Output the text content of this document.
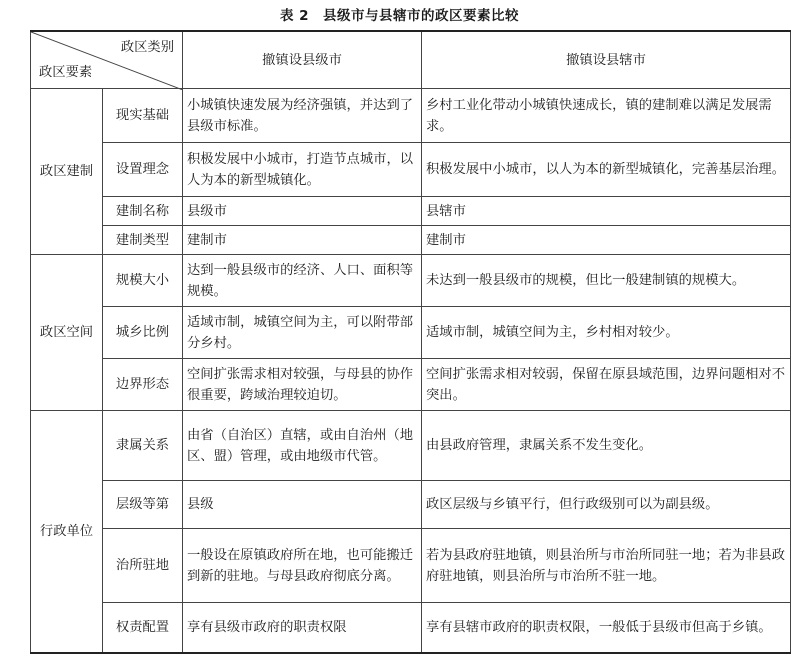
表 2　县级市与县辖市的政区要素比较
政区类别
政区要素		撤镇设县级市	撤镇设县辖市
政区建制	现实基础	小城镇快速发展为经济强镇，并达到了县级市标准。	乡村工业化带动小城镇快速成长，镇的建制难以满足发展需求。
	设置理念	积极发展中小城市，打造节点城市，以人为本的新型城镇化。	积极发展中小城市，以人为本的新型城镇化，完善基层治理。
	建制名称	县级市	县辖市
	建制类型	建制市	建制市
政区空间	规模大小	达到一般县级市的经济、人口、面积等规模。	未达到一般县级市的规模，但比一般建制镇的规模大。
	城乡比例	适域市制，城镇空间为主，可以附带部分乡村。	适域市制，城镇空间为主，乡村相对较少。
	边界形态	空间扩张需求相对较强，与母县的协作很重要，跨域治理较迫切。	空间扩张需求相对较弱，保留在原县域范围，边界问题相对不突出。
行政单位	隶属关系	由省（自治区）直辖，或由自治州（地区、盟）管理，或由地级市代管。	由县政府管理，隶属关系不发生变化。
	层级等第	县级	政区层级与乡镇平行，但行政级别可以为副县级。
	治所驻地	一般设在原镇政府所在地，也可能搬迁到新的驻地。与母县政府彻底分离。	若为县政府驻地镇，则县治所与市治所同驻一地；若为非县政府驻地镇，则县治所与市治所不驻一地。
	权责配置	享有县级市政府的职责权限	享有县辖市政府的职责权限，一般低于县级市但高于乡镇。
